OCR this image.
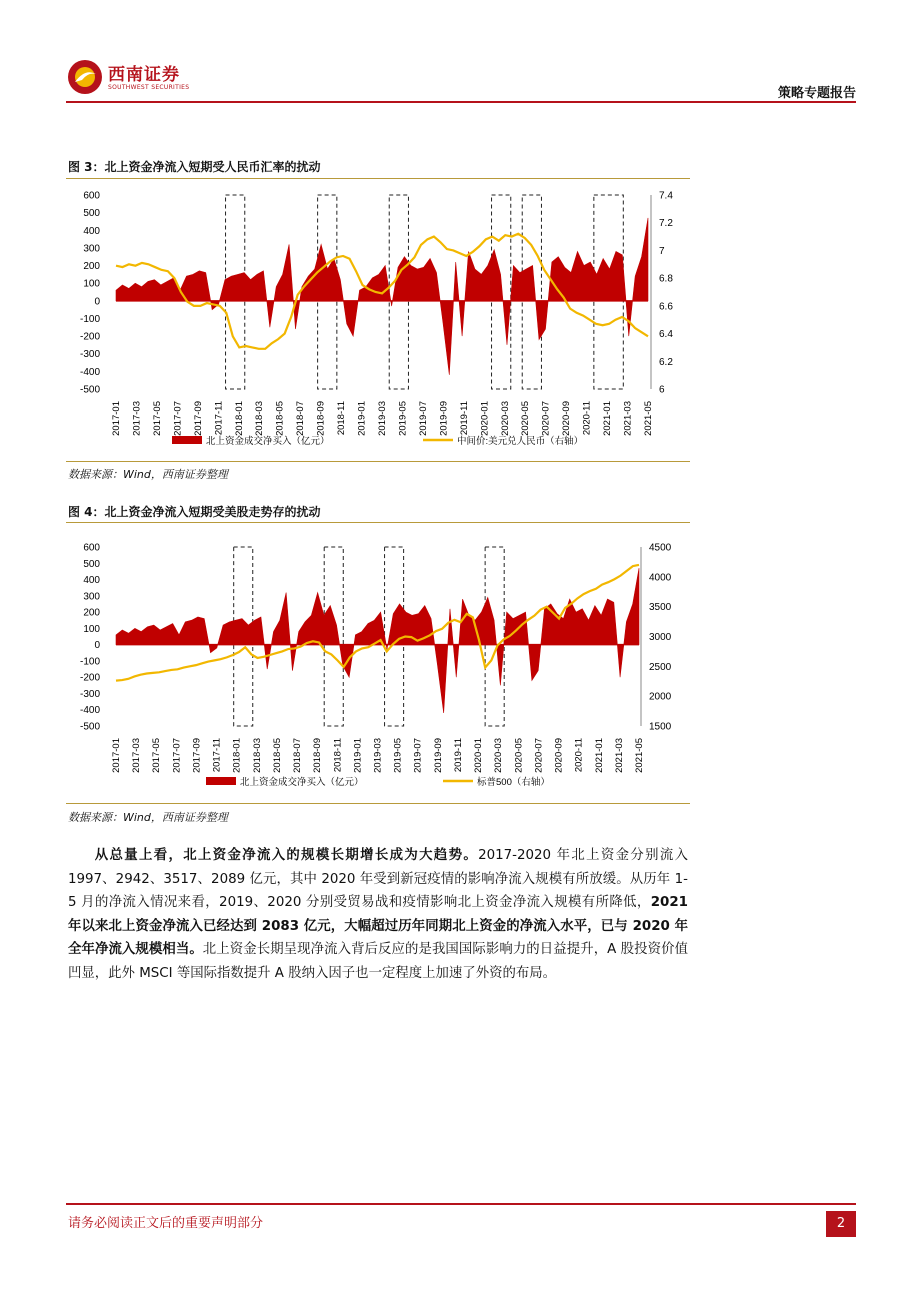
西南证券
SOUTHWEST SECURITIES	策略专题报告
图 3：北上资金净流入短期受人民币汇率的扰动
600
500
400
300
200
100
0
-100
-200
-300
-400
-500
7.4
7.2
7
6.8
6.6
6.4
6.2
6
2017-01 2017-03 2017-05 2017-07 2017-09 2017-11 2018-01 2018-03 2018-05 2018-07 2018-09 2018-11 2019-01 2019-03 2019-05 2019-07 2019-09 2019-11 2020-01 2020-03 2020-05 2020-07 2020-09 2020-11 2021-01 2021-03 2021-05
北上资金成交净买入（亿元）	中间价:美元兑人民币（右轴）
数据来源：Wind，西南证券整理
图 4：北上资金净流入短期受美股走势存的扰动
600
500
400
300
200
100
0
-100
-200
-300
-400
-500
4500
4000
3500
3000
2500
2000
1500
2017-01 2017-03 2017-05 2017-07 2017-09 2017-11 2018-01 2018-03 2018-05 2018-07 2018-09 2018-11 2019-01 2019-03 2019-05 2019-07 2019-09 2019-11 2020-01 2020-03 2020-05 2020-07 2020-09 2020-11 2021-01 2021-03 2021-05
北上资金成交净买入（亿元）	标普500（右轴）
数据来源：Wind，西南证券整理
从总量上看，北上资金净流入的规模长期增长成为大趋势。2017-2020 年北上资金分别流入 1997、2942、3517、2089 亿元，其中 2020 年受到新冠疫情的影响净流入规模有所放缓。从历年 1-5 月的净流入情况来看，2019、2020 分别受贸易战和疫情影响北上资金净流入规模有所降低，2021 年以来北上资金净流入已经达到 2083 亿元，大幅超过历年同期北上资金的净流入水平，已与 2020 年全年净流入规模相当。北上资金长期呈现净流入背后反应的是我国国际影响力的日益提升，A 股投资价值凹显，此外 MSCI 等国际指数提升 A 股纳入因子也一定程度上加速了外资的布局。
请务必阅读正文后的重要声明部分	2
